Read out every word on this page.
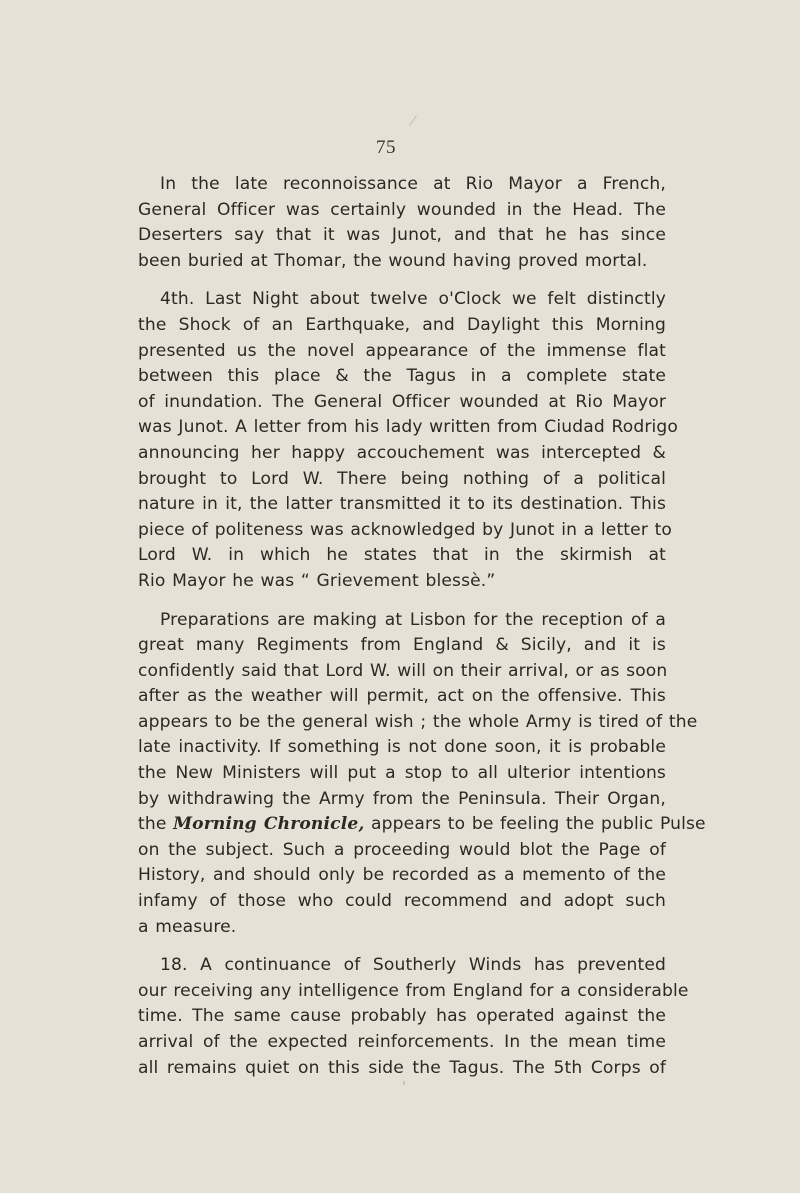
75
In the late reconnoissance at Rio Mayor a French,
General Officer was certainly wounded in the Head. The
Deserters say that it was Junot, and that he has since
been buried at Thomar, the wound having proved mortal.
4th. Last Night about twelve o'Clock we felt distinctly
the Shock of an Earthquake, and Daylight this Morning
presented us the novel appearance of the immense flat
between this place & the Tagus in a complete state
of inundation. The General Officer wounded at Rio Mayor
was Junot. A letter from his lady written from Ciudad Rodrigo
announcing her happy accouchement was intercepted &
brought to Lord W. There being nothing of a political
nature in it, the latter transmitted it to its destination. This
piece of politeness was acknowledged by Junot in a letter to
Lord W. in which he states that in the skirmish at
Rio Mayor he was “ Grievement blessè.”
Preparations are making at Lisbon for the reception of a
great many Regiments from England & Sicily, and it is
confidently said that Lord W. will on their arrival, or as soon
after as the weather will permit, act on the offensive. This
appears to be the general wish ; the whole Army is tired of the
late inactivity. If something is not done soon, it is probable
the New Ministers will put a stop to all ulterior intentions
by withdrawing the Army from the Peninsula. Their Organ,
the Morning Chronicle, appears to be feeling the public Pulse
on the subject. Such a proceeding would blot the Page of
History, and should only be recorded as a memento of the
infamy of those who could recommend and adopt such
a measure.
18. A continuance of Southerly Winds has prevented
our receiving any intelligence from England for a considerable
time. The same cause probably has operated against the
arrival of the expected reinforcements. In the mean time
all remains quiet on this side the Tagus. The 5th Corps of
